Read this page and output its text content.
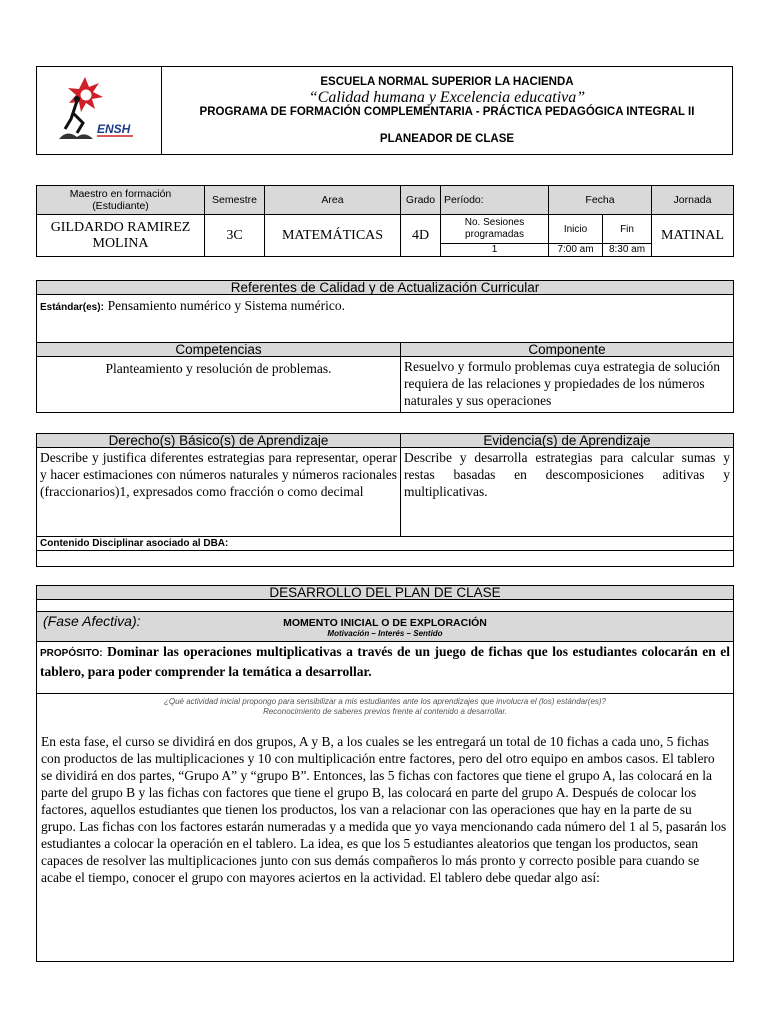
ENSH

ESCUELA NORMAL SUPERIOR LA HACIENDA
“Calidad humana y Excelencia educativa”
PROGRAMA DE FORMACIÓN COMPLEMENTARIA - PRÁCTICA PEDAGÓGICA INTEGRAL II
PLANEADOR DE CLASE
Maestro en formación (Estudiante)	Semestre	Area	Grado	Período:	Fecha		Jornada
GILDARDO RAMIREZ MOLINA	3C	MATEMÁTICAS	4D	No. Sesiones programadas	Inicio	Fin	MATINAL
				1	7:00 am	8:30 am	
Referentes de Calidad y de Actualización Curricular	
Estándar(es): Pensamiento numérico y Sistema numérico.	
Competencias	Componente
Planteamiento y resolución de problemas.	Resuelvo y formulo problemas cuya estrategia de solución requiera de las relaciones y propiedades de los números naturales y sus operaciones
Derecho(s) Básico(s) de Aprendizaje	Evidencia(s) de Aprendizaje
Describe y justifica diferentes estrategias para representar, operar y hacer estimaciones con números naturales y números racionales (fraccionarios)1, expresados como fracción o como decimal	Describe y desarrolla estrategias para calcular sumas y restas basadas en descomposiciones aditivas y multiplicativas.
Contenido Disciplinar asociado al DBA:	

DESARROLLO DEL PLAN DE CLASE

(Fase Afectiva):	MOMENTO INICIAL O DE EXPLORACIÓN
Motivación – Interés – Sentido

PROPÓSITO: Dominar las operaciones multiplicativas a través de un juego de fichas que los estudiantes colocarán en el tablero, para poder comprender la temática a desarrollar.

¿Qué actividad inicial propongo para sensibilizar a mis estudiantes ante los aprendizajes que involucra el (los) estándar(es)?
Reconocimiento de saberes previos frente al contenido a desarrollar.
En esta fase, el curso se dividirá en dos grupos, A y B, a los cuales se les entregará un total de 10 fichas a cada uno, 5 fichas con productos de las multiplicaciones y 10 con multiplicación entre factores, pero del otro equipo en ambos casos. El tablero se dividirá en dos partes, “Grupo A” y “grupo B”. Entonces, las 5 fichas con factores que tiene el grupo A, las colocará en la parte del grupo B y las fichas con factores que tiene el grupo B, las colocará en parte del grupo A. Después de colocar los factores, aquellos estudiantes que tienen los productos, los van a relacionar con las operaciones que hay en la parte de su grupo. Las fichas con los factores estarán numeradas y a medida que yo vaya mencionando cada número del 1 al 5, pasarán los estudiantes a colocar la operación en el tablero. La idea, es que los 5 estudiantes aleatorios que tengan los productos, sean capaces de resolver las multiplicaciones junto con sus demás compañeros lo más pronto y correcto posible para cuando se acabe el tiempo, conocer el grupo con mayores aciertos en la actividad. El tablero debe quedar algo así:
